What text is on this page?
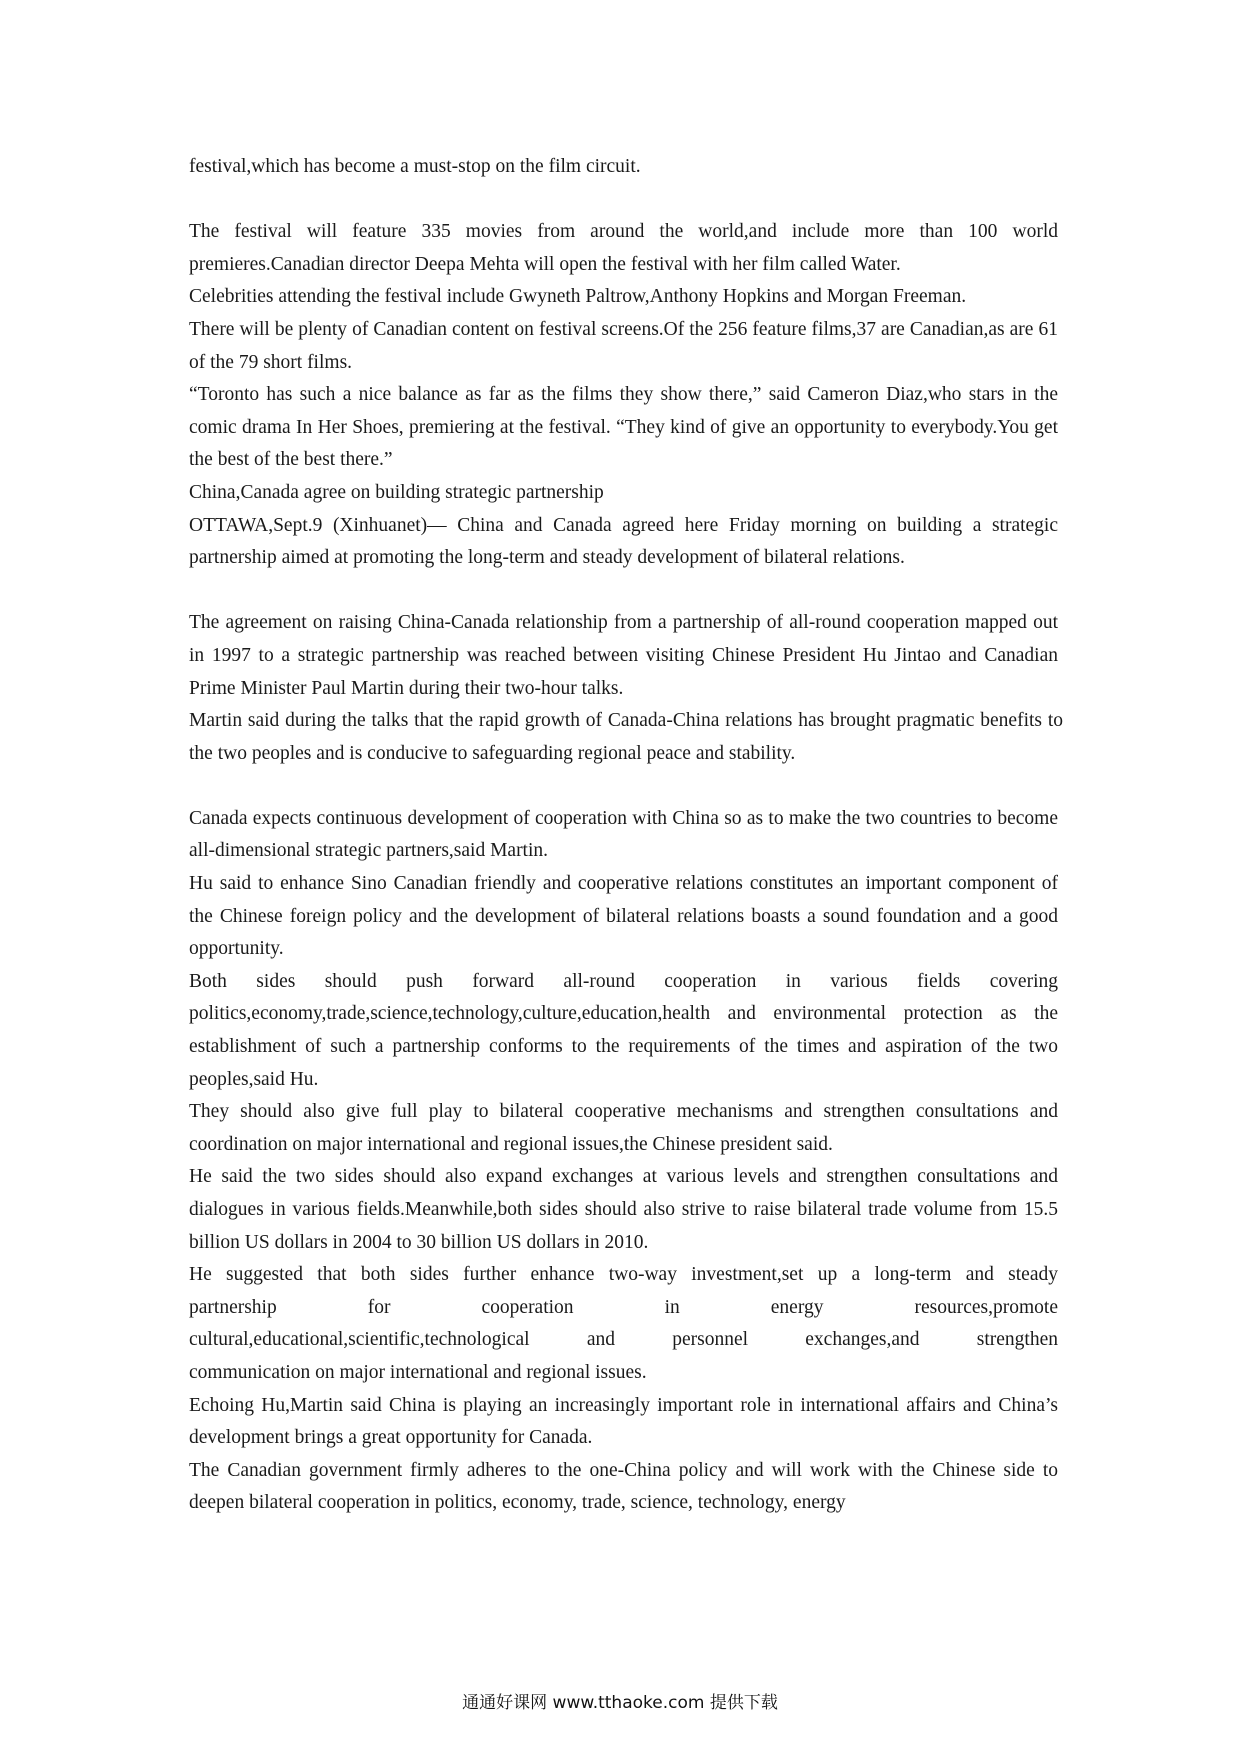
festival,which has become a must-stop on the film circuit.

The festival will feature 335 movies from around the world,and include more than 100 world premieres.Canadian director Deepa Mehta will open the festival with her film called Water.

Celebrities attending the festival include Gwyneth Paltrow,Anthony Hopkins and Morgan Freeman.

There will be plenty of Canadian content on festival screens.Of the 256 feature films,37 are Canadian,as are 61 of the 79 short films.

“Toronto has such a nice balance as far as the films they show there,” said Cameron Diaz,who stars in the comic drama In Her Shoes, premiering at the festival. “They kind of give an opportunity to everybody.You get the best of the best there.”

China,Canada agree on building strategic partnership

OTTAWA,Sept.9 (Xinhuanet)— China and Canada agreed here Friday morning on building a strategic partnership aimed at promoting the long-term and steady development of bilateral relations.

The agreement on raising China-Canada relationship from a partnership of all-round cooperation mapped out in 1997 to a strategic partnership was reached between visiting Chinese President Hu Jintao and Canadian Prime Minister Paul Martin during their two-hour talks.

Martin said during the talks that the rapid growth of Canada-China relations has brought pragmatic benefits to the two peoples and is conducive to safeguarding regional peace and stability.

Canada expects continuous development of cooperation with China so as to make the two countries to become all-dimensional strategic partners,said Martin.

Hu said to enhance Sino Canadian friendly and cooperative relations constitutes an important component of the Chinese foreign policy and the development of bilateral relations boasts a sound foundation and a good opportunity.

Both sides should push forward all-round cooperation in various fields covering politics,economy,trade,science,technology,culture,education,health and environmental protection as the establishment of such a partnership conforms to the requirements of the times and aspiration of the two peoples,said Hu.

They should also give full play to bilateral cooperative mechanisms and strengthen consultations and coordination on major international and regional issues,the Chinese president said.

He said the two sides should also expand exchanges at various levels and strengthen consultations and dialogues in various fields.Meanwhile,both sides should also strive to raise bilateral trade volume from 15.5 billion US dollars in 2004 to 30 billion US dollars in 2010.

He suggested that both sides further enhance two-way investment,set up a long-term and steady

partnership for cooperation in energy resources,promote

cultural,educational,scientific,technological and personnel exchanges,and strengthen

communication on major international and regional issues.

Echoing Hu,Martin said China is playing an increasingly important role in international affairs and China’s development brings a great opportunity for Canada.

The Canadian government firmly adheres to the one-China policy and will work with the Chinese side to deepen bilateral cooperation in politics, economy, trade, science, technology, energy

通通好课网 www.tthaoke.com 提供下载
